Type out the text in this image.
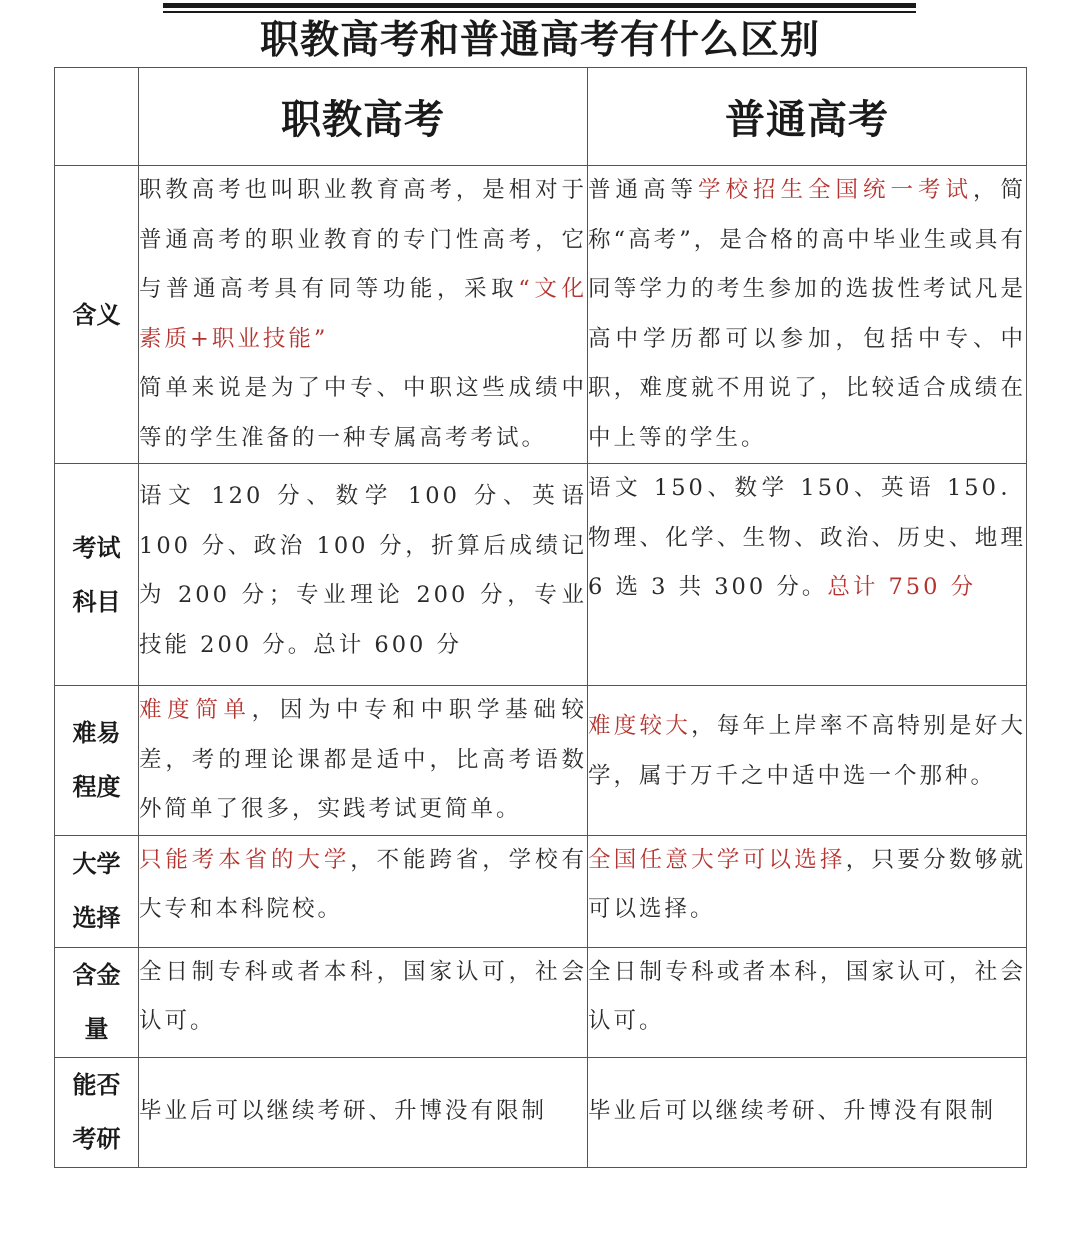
职教高考和普通高考有什么区别
	职教高考	普通高考

含义	职教高考也叫职业教育高考，是相对于普通高考的职业教育的专门性高考，它与普通高考具有同等功能，采取“文化素质+职业技能”
简单来说是为了中专、中职这些成绩中等的学生准备的一种专属高考考试。	普通高等学校招生全国统一考试，简称“高考”，是合格的高中毕业生或具有同等学力的考生参加的选拔性考试凡是高中学历都可以参加，包括中专、中职，难度就不用说了，比较适合成绩在中上等的学生。

考试
科目	语文 120 分、数学 100 分、英语 100 分、政治 100 分，折算后成绩记为 200 分；专业理论 200 分，专业技能 200 分。总计 600 分	语文 150、数学 150、英语 150．物理、化学、生物、政治、历史、地理 6 选 3 共 300 分。总计 750 分

难易
程度	难度简单，因为中专和中职学基础较差，考的理论课都是适中，比高考语数外简单了很多，实践考试更简单。	难度较大，每年上岸率不高特别是好大学，属于万千之中适中选一个那种。

大学
选择	只能考本省的大学，不能跨省，学校有大专和本科院校。	全国任意大学可以选择，只要分数够就可以选择。

含金
量	全日制专科或者本科，国家认可，社会认可。	全日制专科或者本科，国家认可，社会认可。

能否
考研	毕业后可以继续考研、升博没有限制	毕业后可以继续考研、升博没有限制
